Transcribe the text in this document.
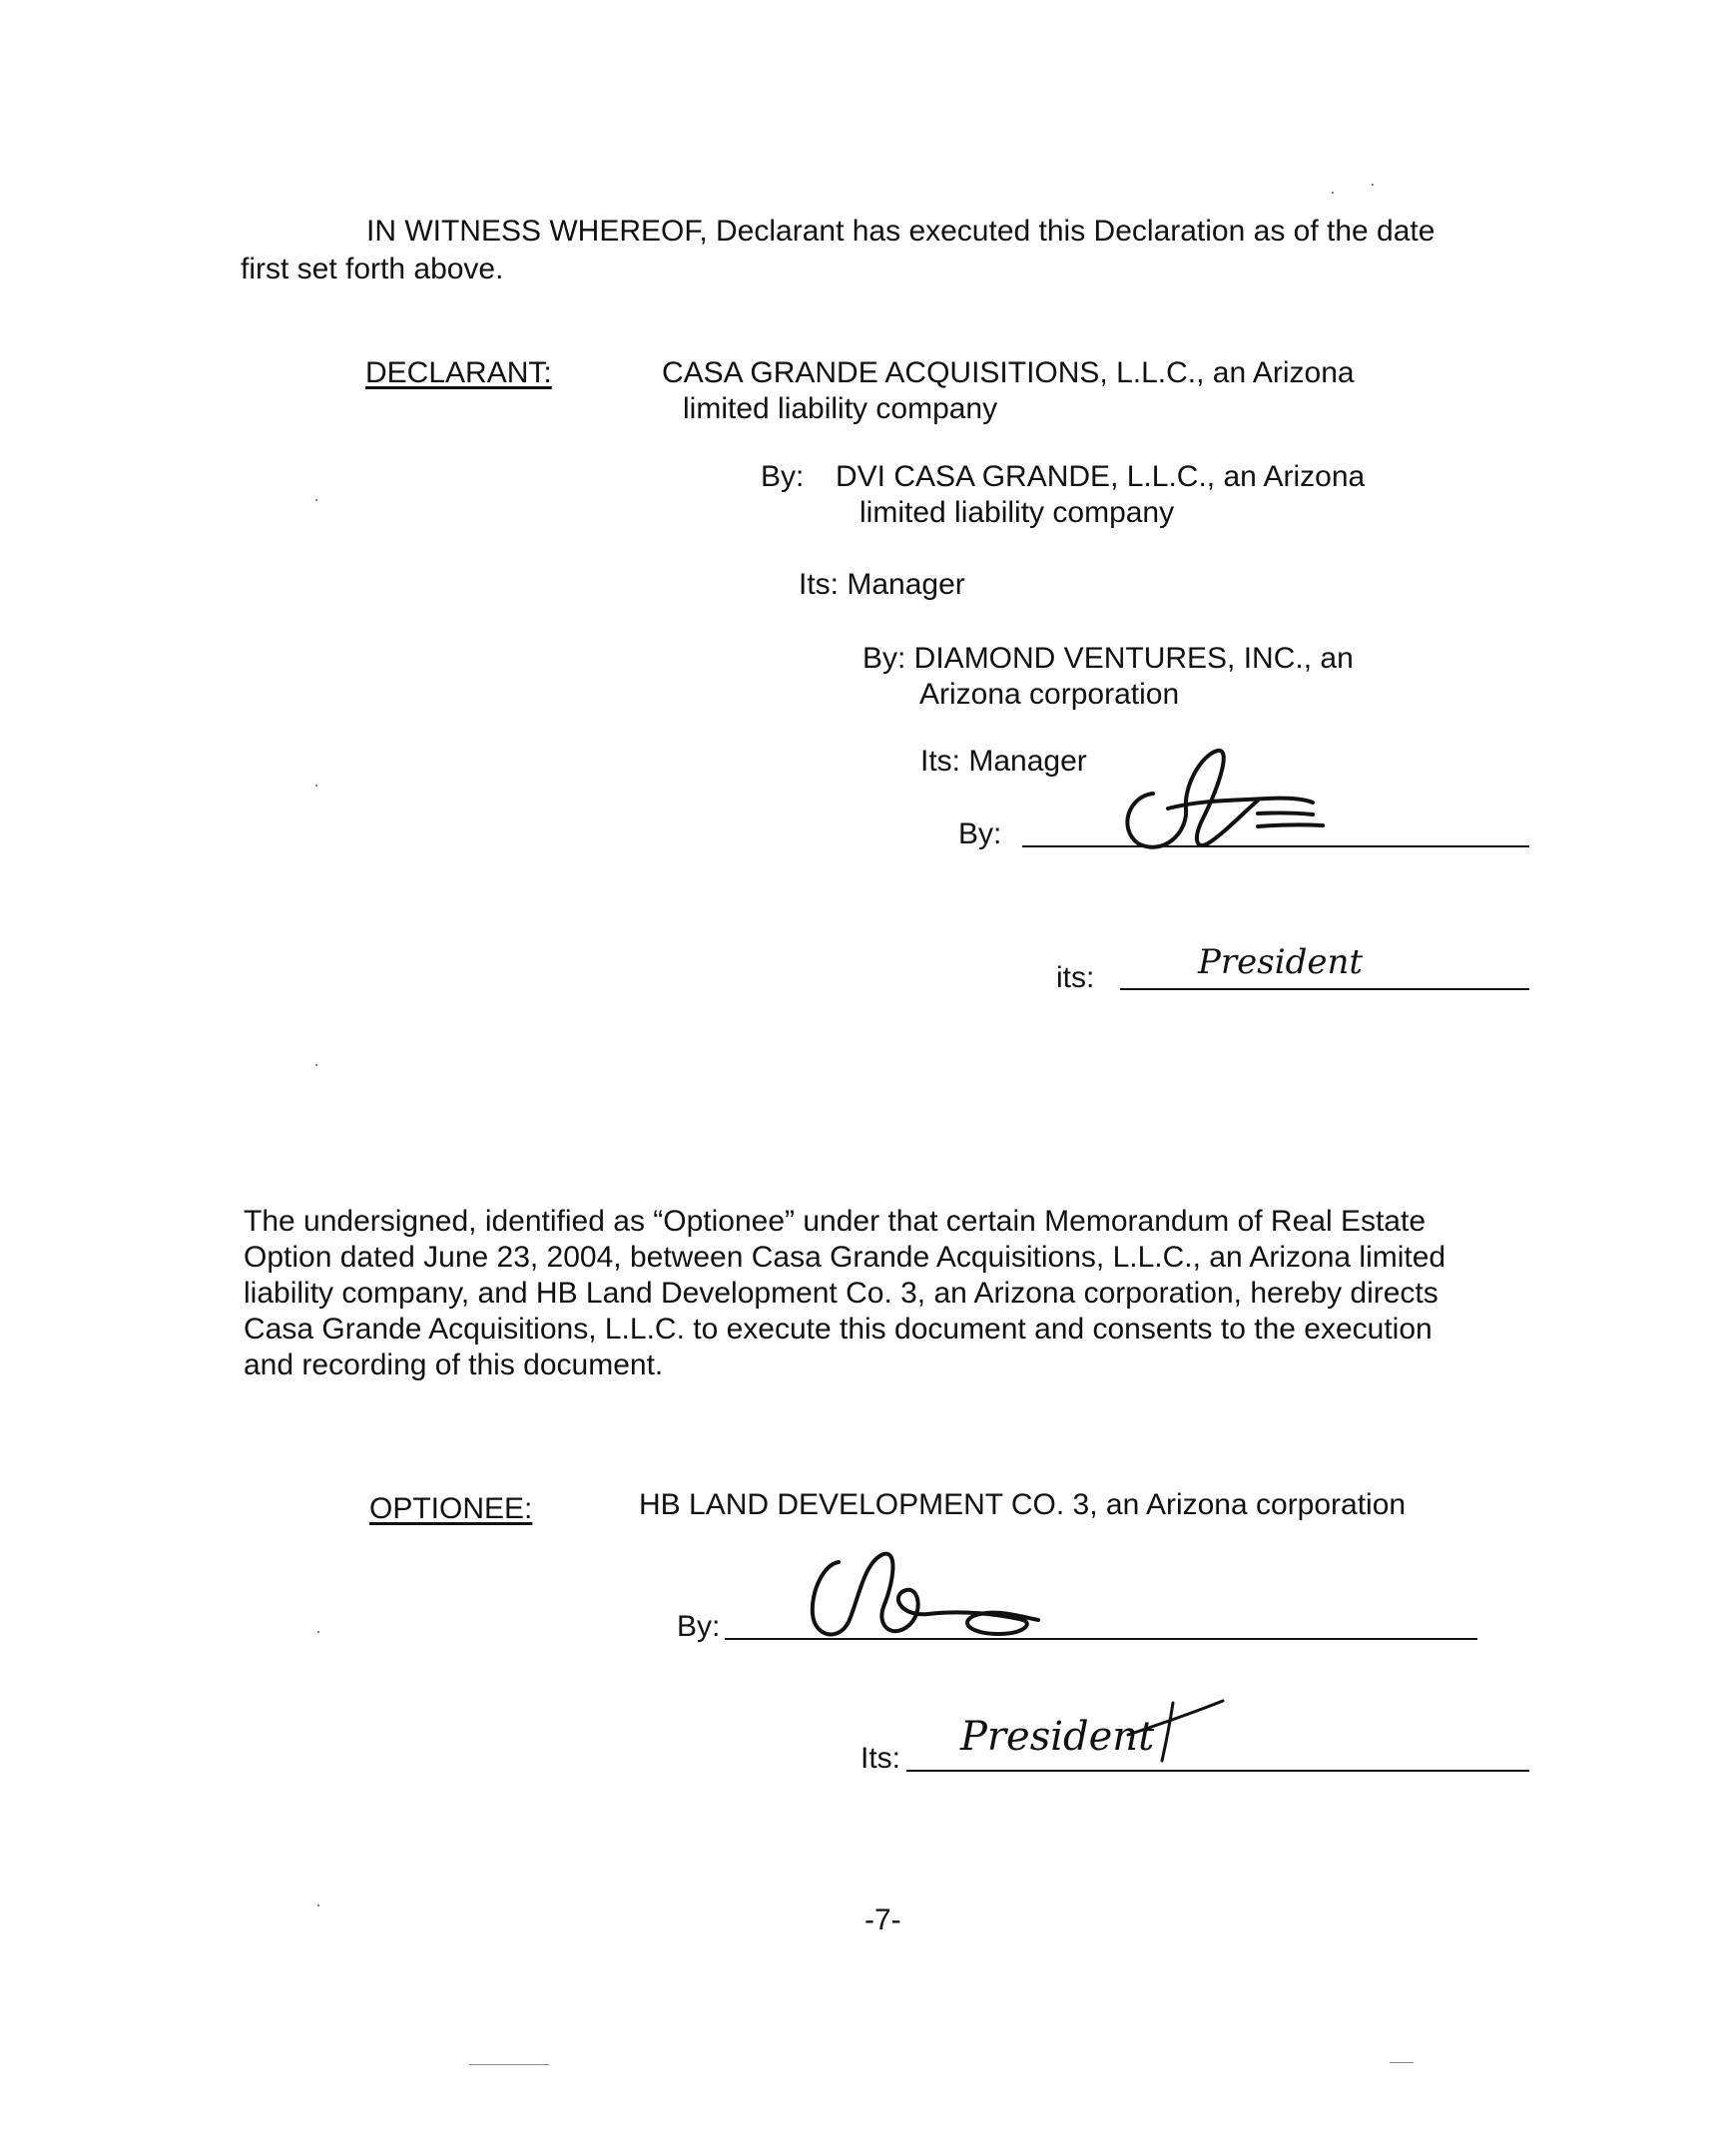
IN WITNESS WHEREOF, Declarant has executed this Declaration as of the date
first set forth above.
DECLARANT:	CASA GRANDE ACQUISITIONS, L.L.C., an Arizona
limited liability company
By: DVI CASA GRANDE, L.L.C., an Arizona
limited liability company
Its: Manager
By: DIAMOND VENTURES, INC., an
Arizona corporation
Its: Manager
By:
its:	President
The undersigned, identified as “Optionee” under that certain Memorandum of Real Estate
Option dated June 23, 2004, between Casa Grande Acquisitions, L.L.C., an Arizona limited
liability company, and HB Land Development Co. 3, an Arizona corporation, hereby directs
Casa Grande Acquisitions, L.L.C. to execute this document and consents to the execution
and recording of this document.
OPTIONEE:	HB LAND DEVELOPMENT CO. 3, an Arizona corporation
By:
Its: President
-7-
